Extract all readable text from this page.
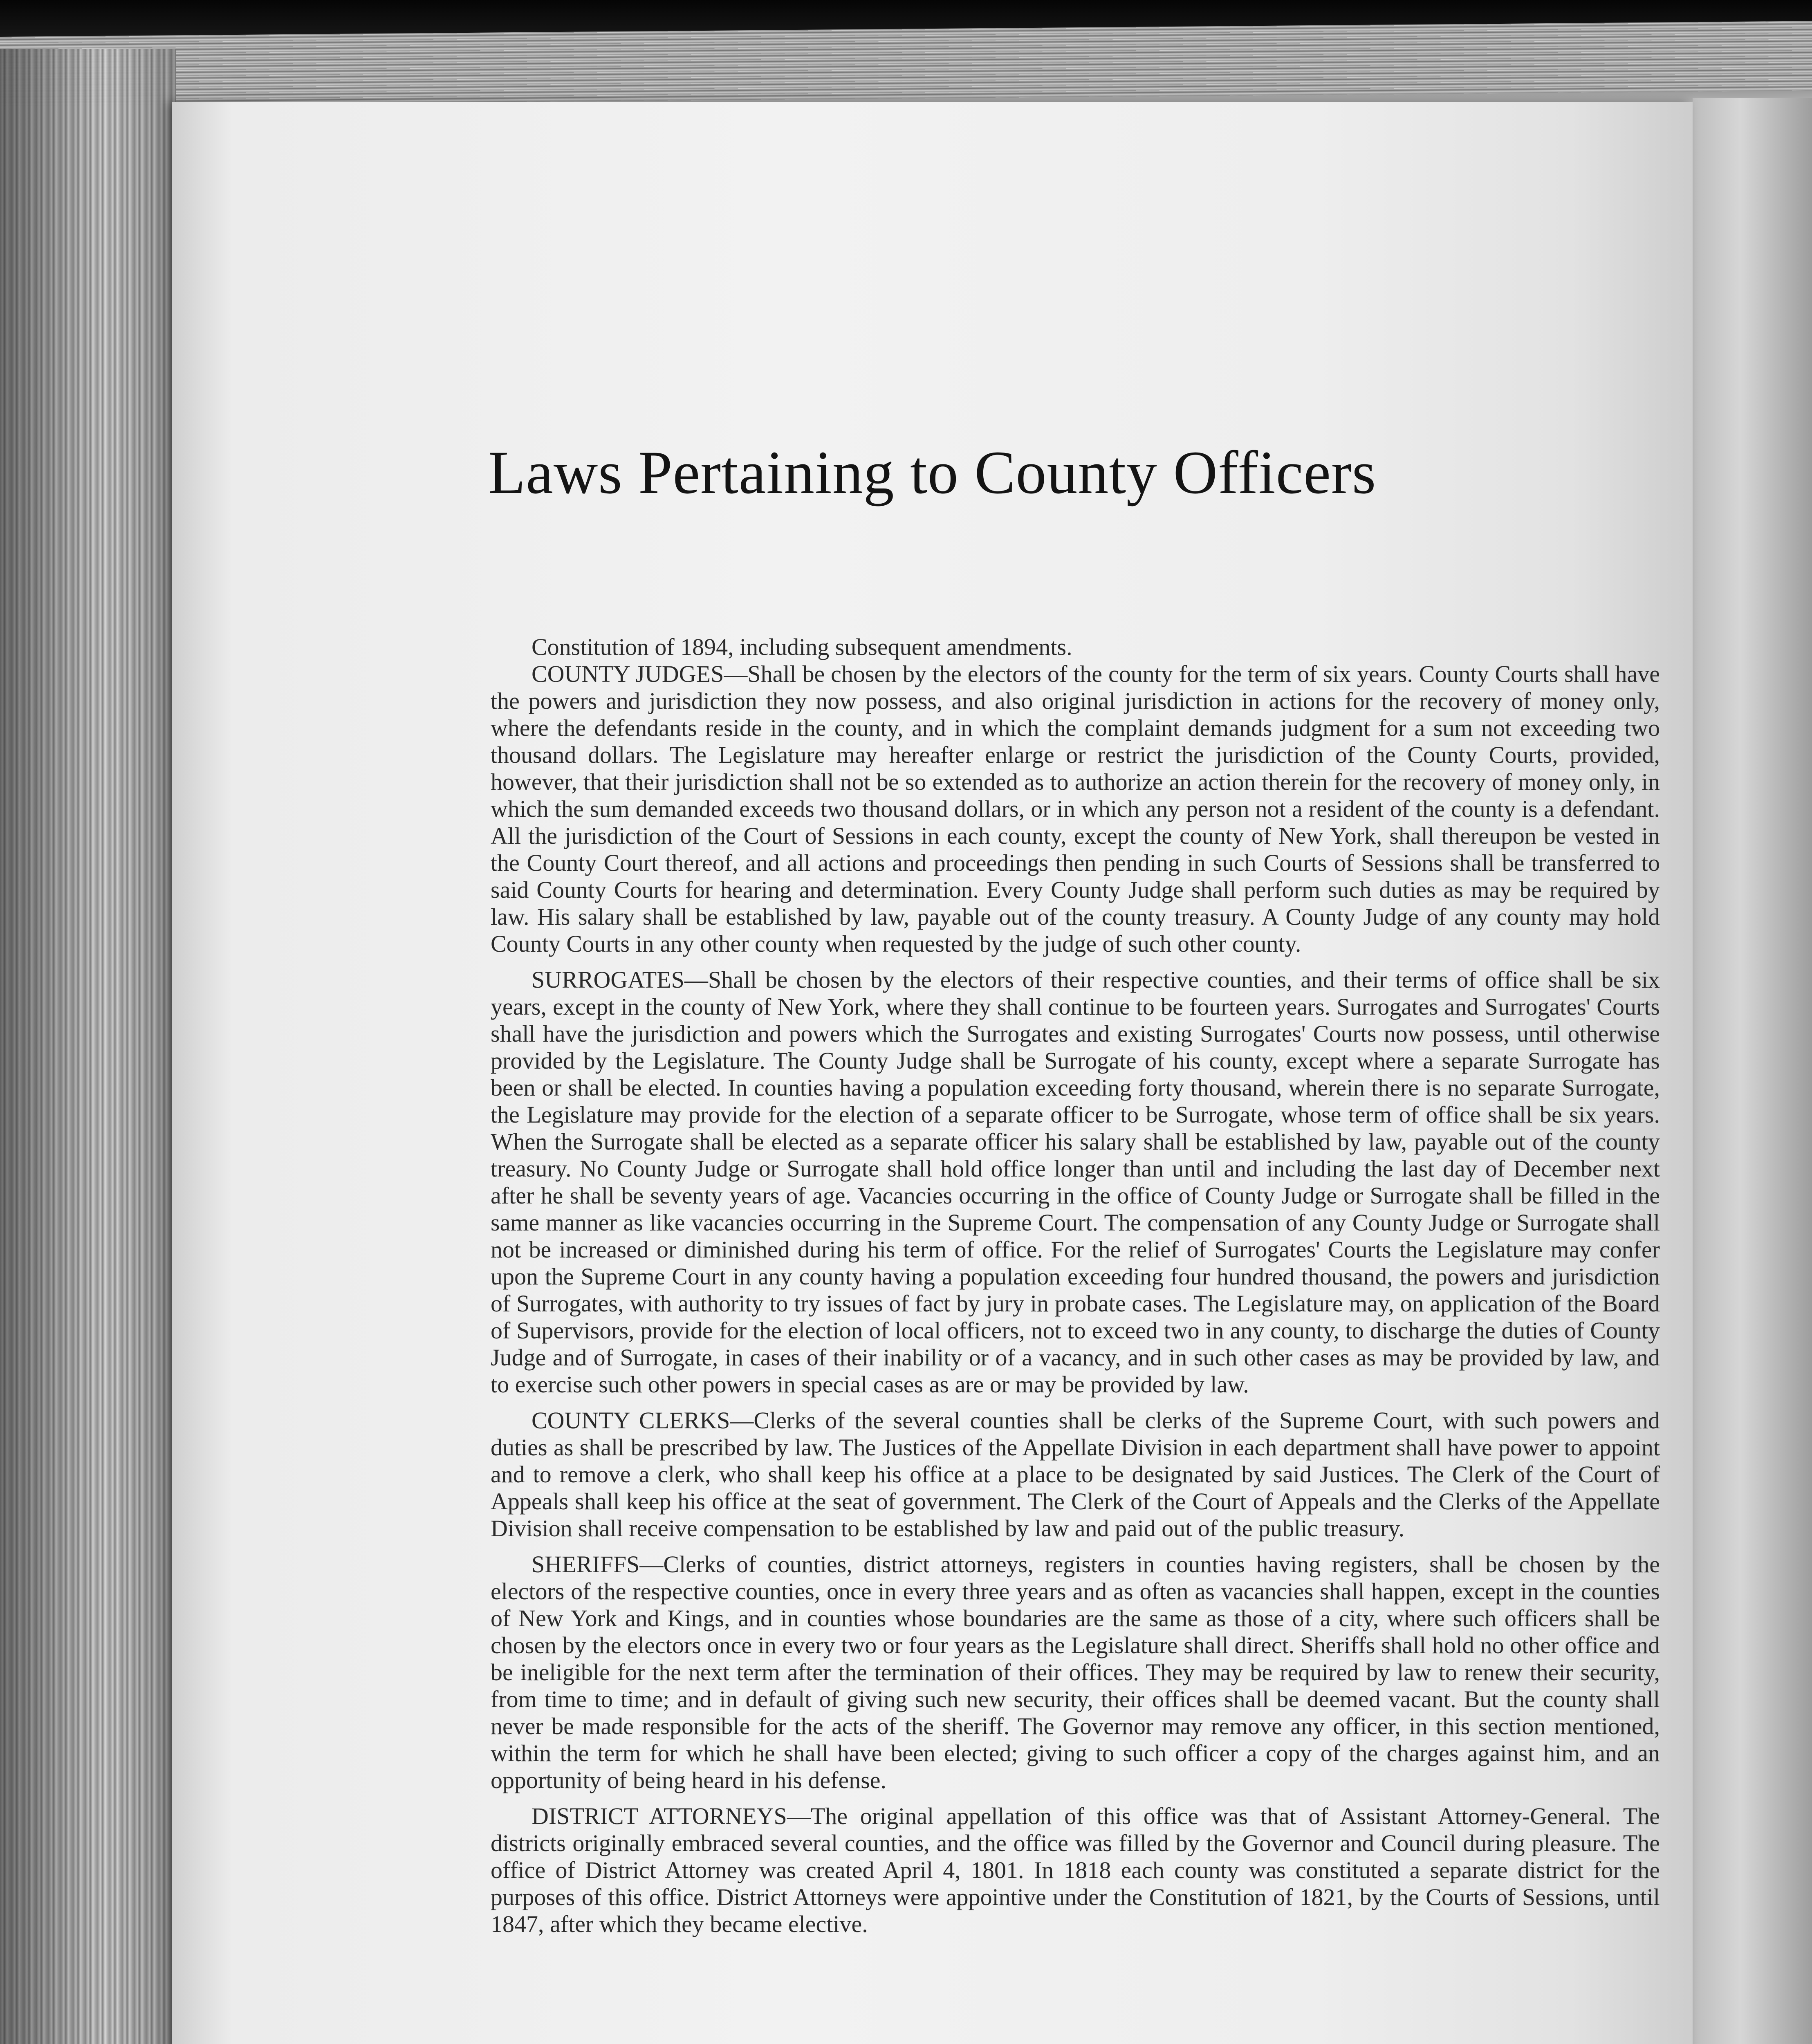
Laws Pertaining to County Officers

Constitution of 1894, including subsequent amendments.

COUNTY JUDGES—Shall be chosen by the electors of the county for the term of six years. County Courts shall have the powers and jurisdiction they now possess, and also original jurisdiction in actions for the recovery of money only, where the defendants reside in the county, and in which the complaint demands judgment for a sum not exceeding two thousand dollars. The Legislature may hereafter enlarge or restrict the jurisdiction of the County Courts, provided, however, that their jurisdiction shall not be so extended as to authorize an action therein for the recovery of money only, in which the sum demanded exceeds two thousand dollars, or in which any person not a resident of the county is a defendant. All the jurisdiction of the Court of Sessions in each county, except the county of New York, shall thereupon be vested in the County Court thereof, and all actions and proceedings then pending in such Courts of Sessions shall be transferred to said County Courts for hearing and determination. Every County Judge shall perform such duties as may be required by law. His salary shall be established by law, payable out of the county treasury. A County Judge of any county may hold County Courts in any other county when requested by the judge of such other county.

SURROGATES—Shall be chosen by the electors of their respective counties, and their terms of office shall be six years, except in the county of New York, where they shall continue to be fourteen years. Surrogates and Surrogates' Courts shall have the jurisdiction and powers which the Surrogates and existing Surrogates' Courts now possess, until otherwise provided by the Legislature. The County Judge shall be Surrogate of his county, except where a separate Surrogate has been or shall be elected. In counties having a population exceeding forty thousand, wherein there is no separate Surrogate, the Legislature may provide for the election of a separate officer to be Surrogate, whose term of office shall be six years. When the Surrogate shall be elected as a separate officer his salary shall be established by law, payable out of the county treasury. No County Judge or Surrogate shall hold office longer than until and including the last day of December next after he shall be seventy years of age. Vacancies occurring in the office of County Judge or Surrogate shall be filled in the same manner as like vacancies occurring in the Supreme Court. The compensation of any County Judge or Surrogate shall not be increased or diminished during his term of office. For the relief of Surrogates' Courts the Legislature may confer upon the Supreme Court in any county having a population exceeding four hundred thousand, the powers and jurisdiction of Surrogates, with authority to try issues of fact by jury in probate cases. The Legislature may, on application of the Board of Supervisors, provide for the election of local officers, not to exceed two in any county, to discharge the duties of County Judge and of Surrogate, in cases of their inability or of a vacancy, and in such other cases as may be provided by law, and to exercise such other powers in special cases as are or may be provided by law.

COUNTY CLERKS—Clerks of the several counties shall be clerks of the Supreme Court, with such powers and duties as shall be prescribed by law. The Justices of the Appellate Division in each department shall have power to appoint and to remove a clerk, who shall keep his office at a place to be designated by said Justices. The Clerk of the Court of Appeals shall keep his office at the seat of government. The Clerk of the Court of Appeals and the Clerks of the Appellate Division shall receive compensation to be established by law and paid out of the public treasury.

SHERIFFS—Clerks of counties, district attorneys, registers in counties having registers, shall be chosen by the electors of the respective counties, once in every three years and as often as vacancies shall happen, except in the counties of New York and Kings, and in counties whose boundaries are the same as those of a city, where such officers shall be chosen by the electors once in every two or four years as the Legislature shall direct. Sheriffs shall hold no other office and be ineligible for the next term after the termination of their offices. They may be required by law to renew their security, from time to time; and in default of giving such new security, their offices shall be deemed vacant. But the county shall never be made responsible for the acts of the sheriff. The Governor may remove any officer, in this section mentioned, within the term for which he shall have been elected; giving to such officer a copy of the charges against him, and an opportunity of being heard in his defense.

DISTRICT ATTORNEYS—The original appellation of this office was that of Assistant Attorney-General. The districts originally embraced several counties, and the office was filled by the Governor and Council during pleasure. The office of District Attorney was created April 4, 1801. In 1818 each county was constituted a separate district for the purposes of this office. District Attorneys were appointive under the Constitution of 1821, by the Courts of Sessions, until 1847, after which they became elective.
